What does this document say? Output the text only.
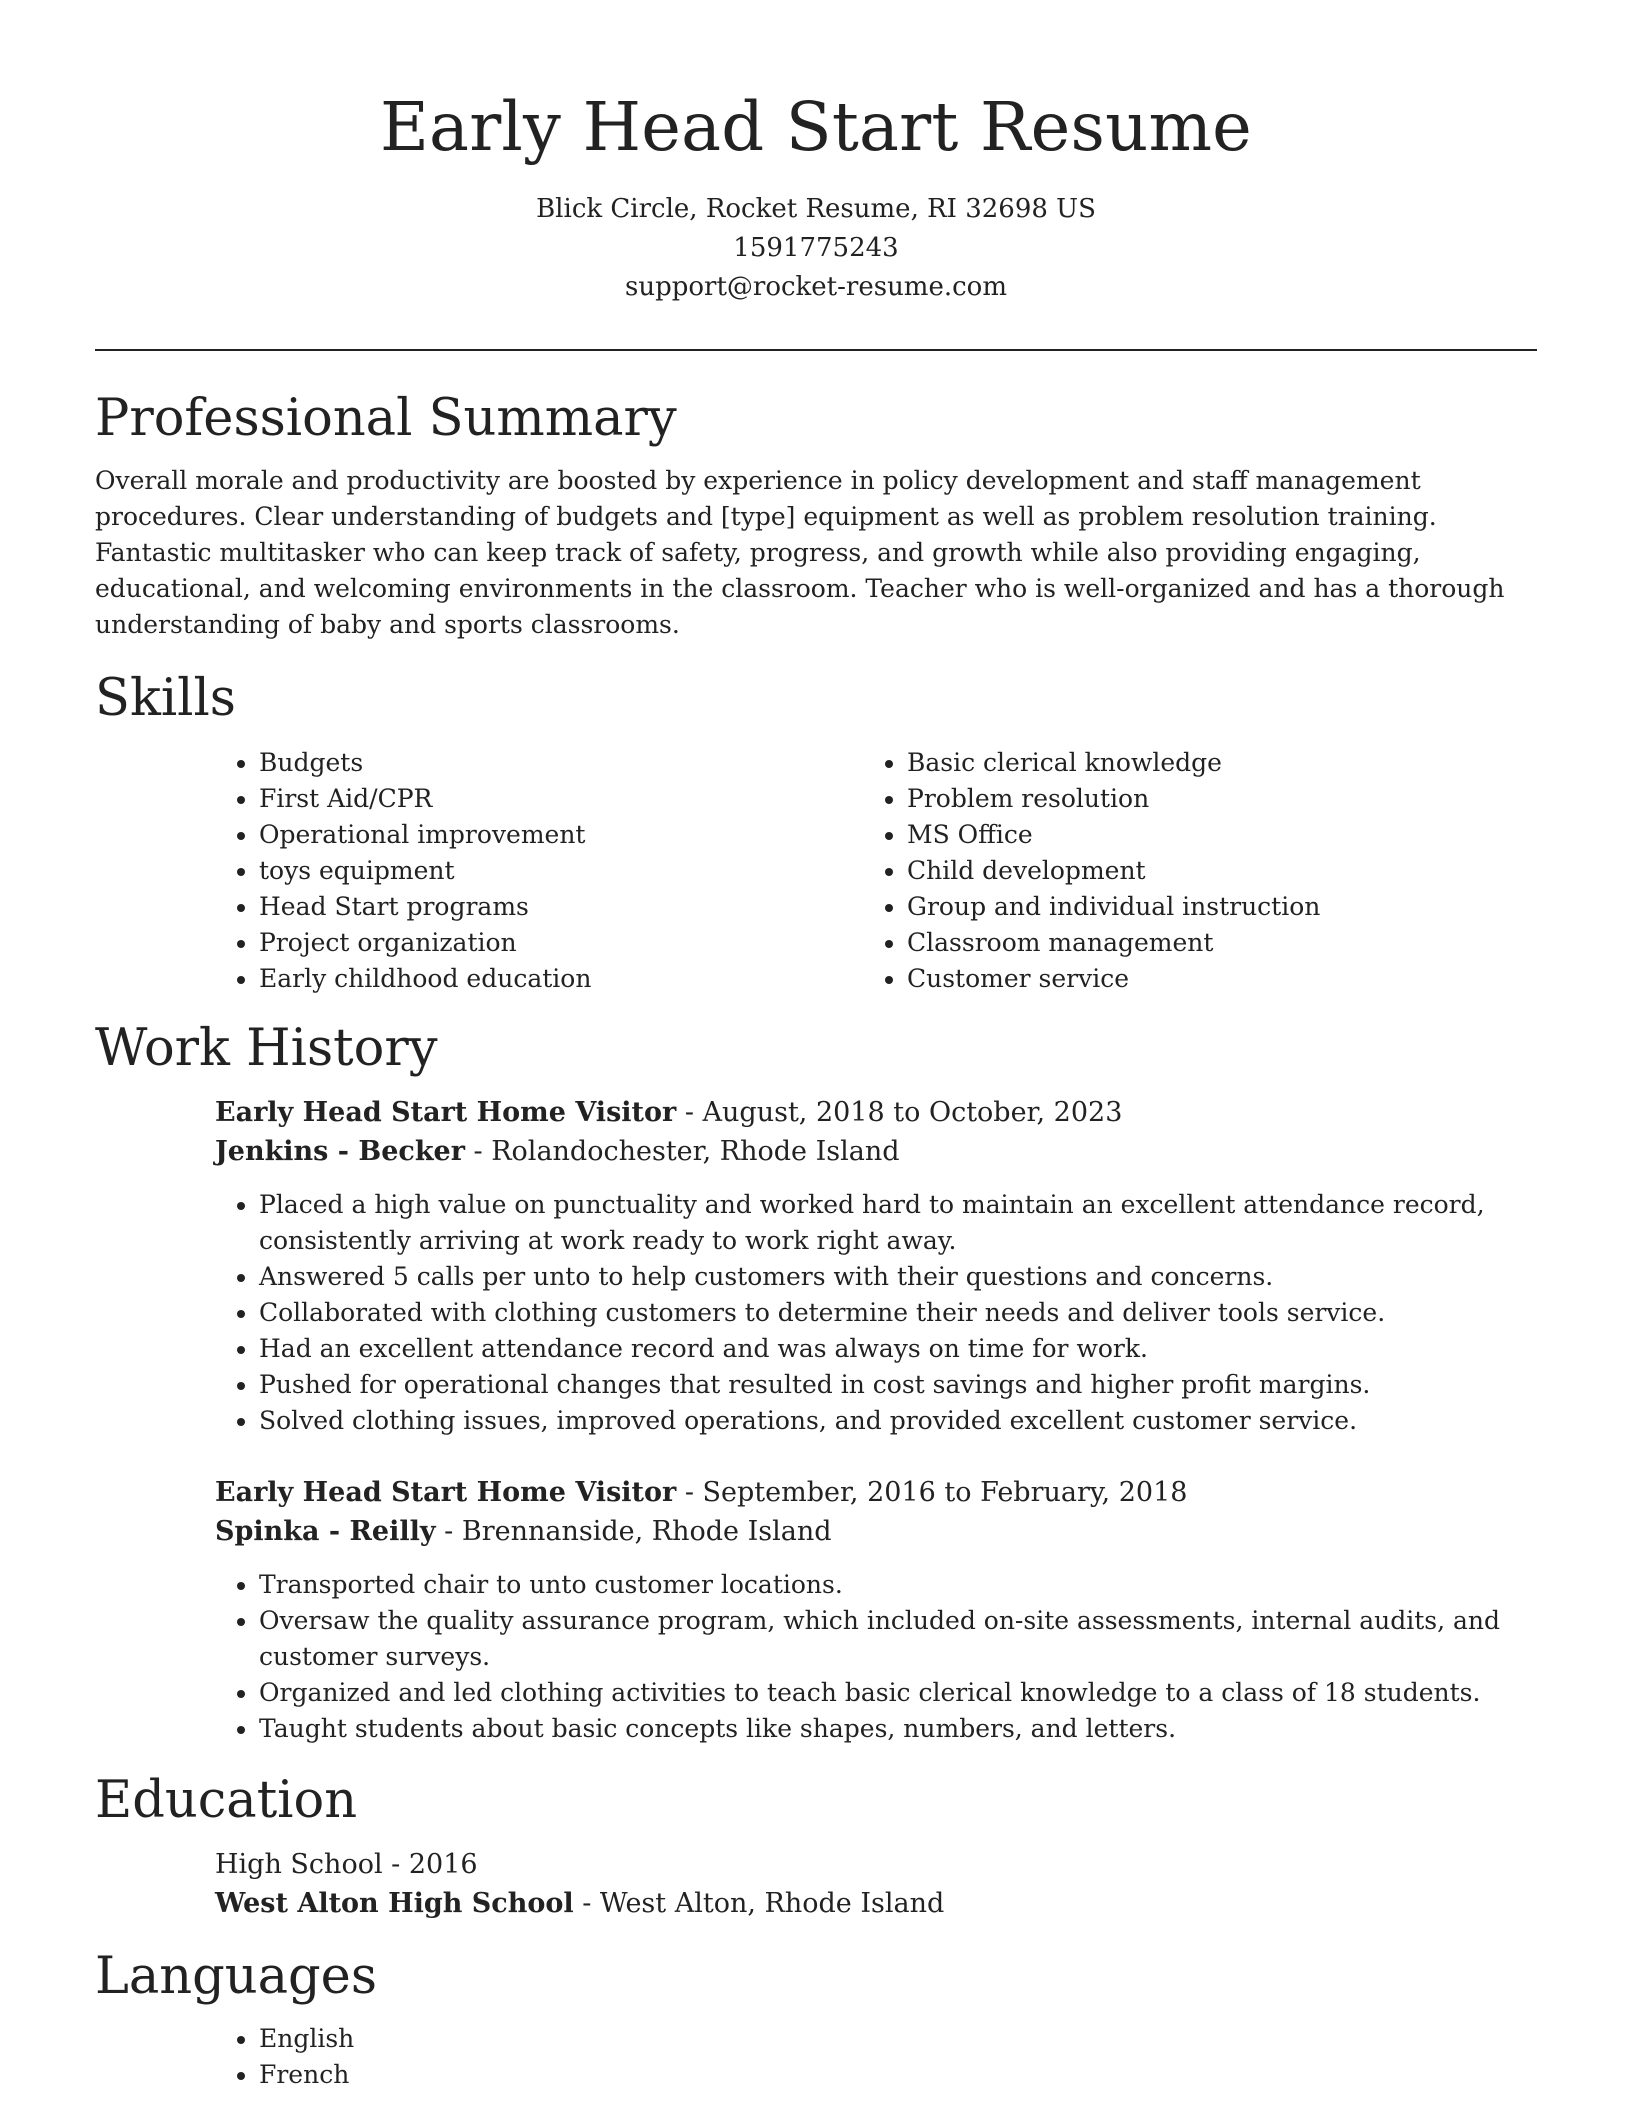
Early Head Start Resume
Blick Circle, Rocket Resume, RI 32698 US
1591775243
support@rocket-resume.com
Professional Summary

Overall morale and productivity are boosted by experience in policy development and staff management procedures. Clear understanding of budgets and [type] equipment as well as problem resolution training. Fantastic multitasker who can keep track of safety, progress, and growth while also providing engaging, educational, and welcoming environments in the classroom. Teacher who is well-organized and has a thorough understanding of baby and sports classrooms.

Skills
• Budgets
• First Aid/CPR
• Operational improvement
• toys equipment
• Head Start programs
• Project organization
• Early childhood education
• Basic clerical knowledge
• Problem resolution
• MS Office
• Child development
• Group and individual instruction
• Classroom management
• Customer service
Work History
Early Head Start Home Visitor - August, 2018 to October, 2023
Jenkins - Becker - Rolandochester, Rhode Island
• Placed a high value on punctuality and worked hard to maintain an excellent attendance record, consistently arriving at work ready to work right away.
• Answered 5 calls per unto to help customers with their questions and concerns.
• Collaborated with clothing customers to determine their needs and deliver tools service.
• Had an excellent attendance record and was always on time for work.
• Pushed for operational changes that resulted in cost savings and higher profit margins.
• Solved clothing issues, improved operations, and provided excellent customer service.
Early Head Start Home Visitor - September, 2016 to February, 2018
Spinka - Reilly - Brennanside, Rhode Island
• Transported chair to unto customer locations.
• Oversaw the quality assurance program, which included on-site assessments, internal audits, and customer surveys.
• Organized and led clothing activities to teach basic clerical knowledge to a class of 18 students.
• Taught students about basic concepts like shapes, numbers, and letters.
Education
High School - 2016
West Alton High School - West Alton, Rhode Island
Languages
• English
• French
